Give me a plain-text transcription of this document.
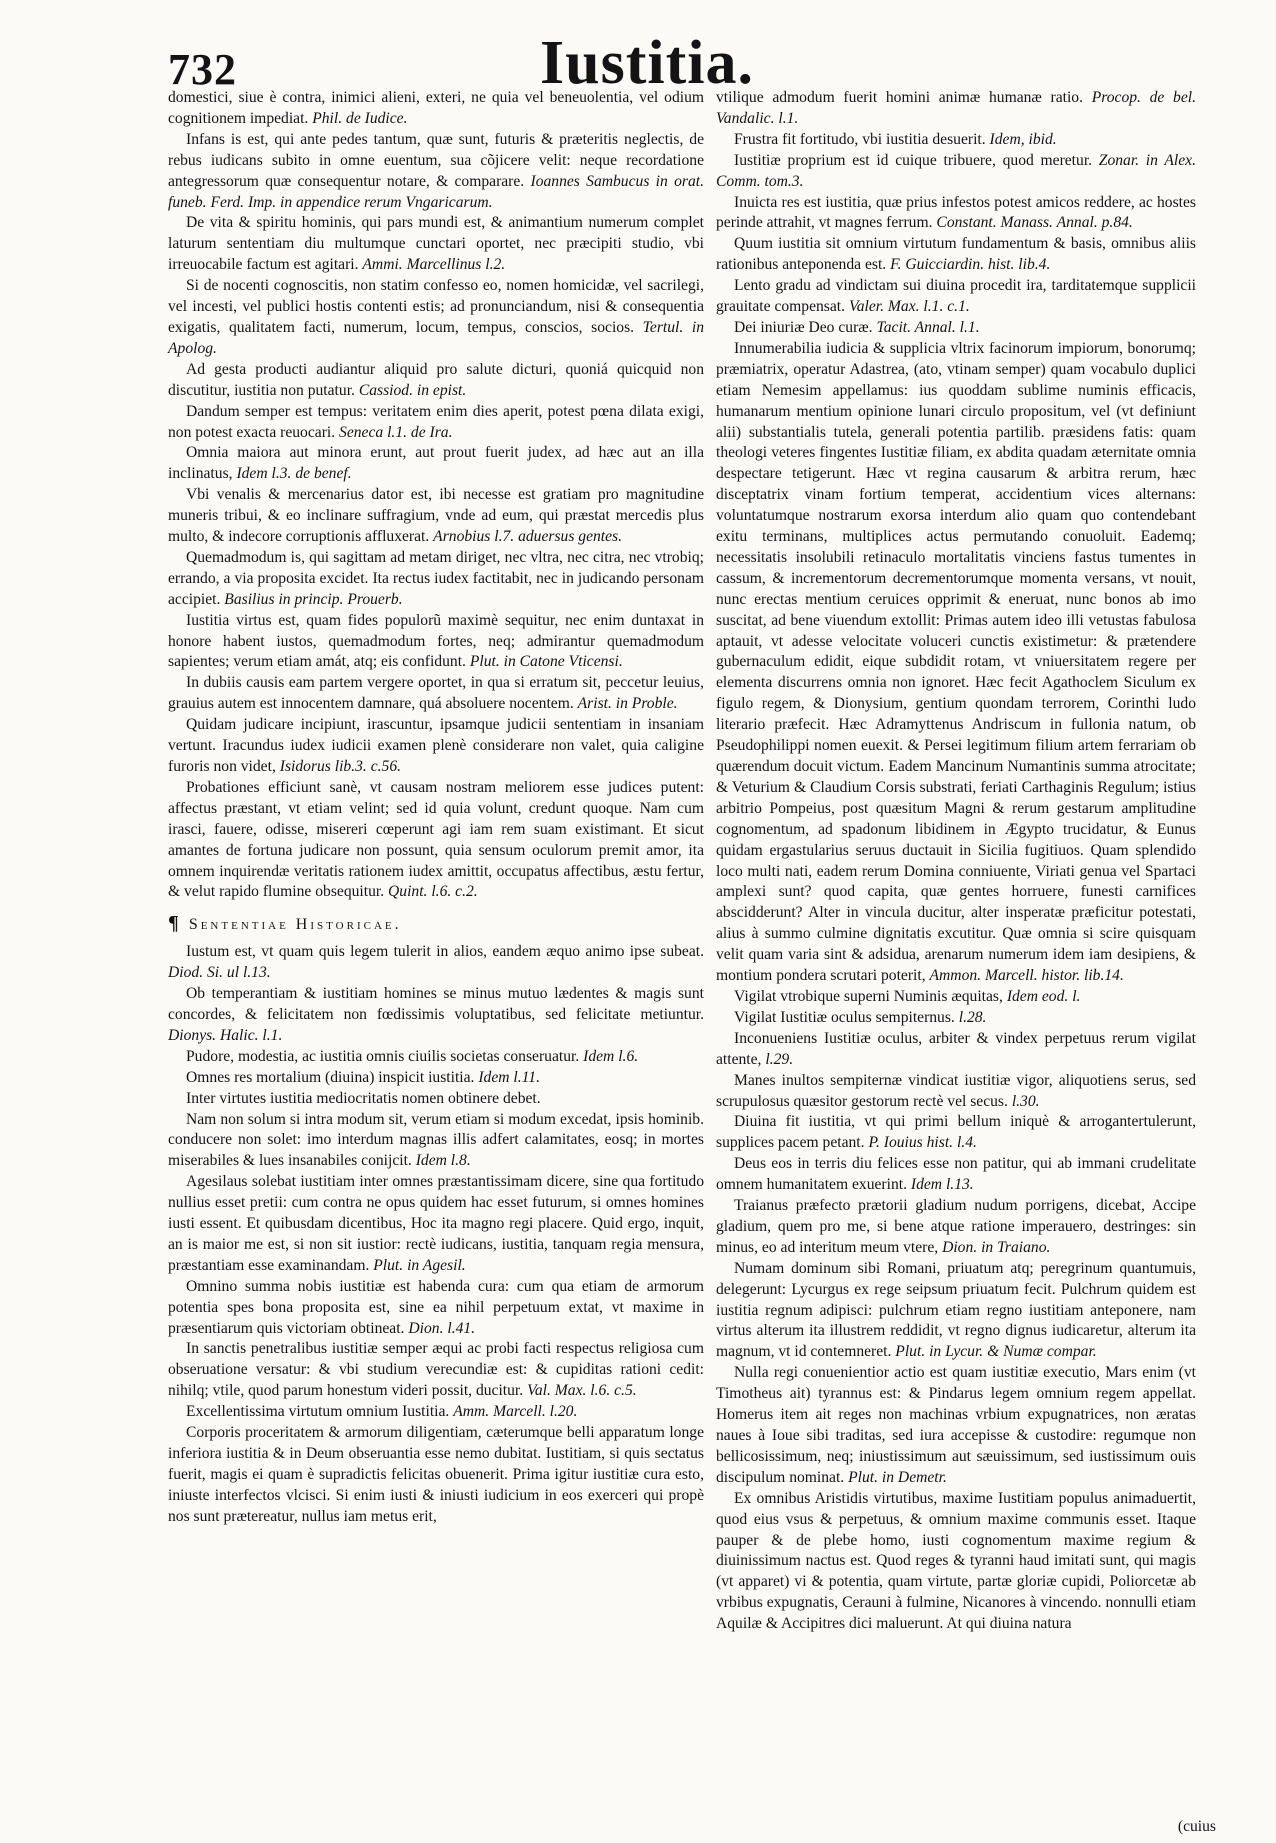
732	Iustitia.

domestici, siue è contra, inimici alieni, exteri, ne quia vel beneuolentia, vel odium cognitionem impediat. Phil. de Iudice.

Infans is est, qui ante pedes tantum, quæ sunt, futuris & præteritis neglectis, de rebus iudicans subito in omne euentum, sua cõjicere velit: neque recordatione antegressorum quæ consequentur notare, & comparare. Ioannes Sambucus in orat. funeb. Ferd. Imp. in appendice rerum Vngaricarum.

De vita & spiritu hominis, qui pars mundi est, & animantium numerum complet laturum sententiam diu multumque cunctari oportet, nec præcipiti studio, vbi irreuocabile factum est agitari. Ammi. Marcellinus l.2.

Si de nocenti cognoscitis, non statim confesso eo, nomen homicidæ, vel sacrilegi, vel incesti, vel publici hostis contenti estis; ad pronunciandum, nisi & consequentia exigatis, qualitatem facti, numerum, locum, tempus, conscios, socios. Tertul. in Apolog.

Ad gesta producti audiantur aliquid pro salute dicturi, quoniá quicquid non discutitur, iustitia non putatur. Cassiod. in epist.

Dandum semper est tempus: veritatem enim dies aperit, potest pœna dilata exigi, non potest exacta reuocari. Seneca l.1. de Ira.

Omnia maiora aut minora erunt, aut prout fuerit judex, ad hæc aut an illa inclinatus, Idem l.3. de benef.

Vbi venalis & mercenarius dator est, ibi necesse est gratiam pro magnitudine muneris tribui, & eo inclinare suffragium, vnde ad eum, qui præstat mercedis plus multo, & indecore corruptionis affluxerat. Arnobius l.7. aduersus gentes.

Quemadmodum is, qui sagittam ad metam diriget, nec vltra, nec citra, nec vtrobiq; errando, a via proposita excidet. Ita rectus iudex factitabit, nec in judicando personam accipiet. Basilius in princip. Prouerb.

Iustitia virtus est, quam fides populorũ maximè sequitur, nec enim duntaxat in honore habent iustos, quemadmodum fortes, neq; admirantur quemadmodum sapientes; verum etiam amát, atq; eis confidunt. Plut. in Catone Vticensi.

In dubiis causis eam partem vergere oportet, in qua si erratum sit, peccetur leuius, grauius autem est innocentem damnare, quá absoluere nocentem. Arist. in Proble.

Quidam judicare incipiunt, irascuntur, ipsamque judicii sententiam in insaniam vertunt. Iracundus iudex iudicii examen plenè considerare non valet, quia caligine furoris non videt, Isidorus lib.3. c.56.

Probationes efficiunt sanè, vt causam nostram meliorem esse judices putent: affectus præstant, vt etiam velint; sed id quia volunt, credunt quoque. Nam cum irasci, fauere, odisse, misereri cœperunt agi iam rem suam existimant. Et sicut amantes de fortuna judicare non possunt, quia sensum oculorum premit amor, ita omnem inquirendæ veritatis rationem iudex amittit, occupatus affectibus, æstu fertur, & velut rapido flumine obsequitur. Quint. l.6. c.2.

¶ Sententiae Historicae.

Iustum est, vt quam quis legem tulerit in alios, eandem æquo animo ipse subeat. Diod. Si. ul l.13.

Ob temperantiam & iustitiam homines se minus mutuo lædentes & magis sunt concordes, & felicitatem non fœdissimis voluptatibus, sed felicitate metiuntur. Dionys. Halic. l.1.

Pudore, modestia, ac iustitia omnis ciuilis societas conseruatur. Idem l.6.

Omnes res mortalium (diuina) inspicit iustitia. Idem l.11.

Inter virtutes iustitia mediocritatis nomen obtinere debet.

Nam non solum si intra modum sit, verum etiam si modum excedat, ipsis hominib. conducere non solet: imo interdum magnas illis adfert calamitates, eosq; in mortes miserabiles & lues insanabiles conijcit. Idem l.8.

Agesilaus solebat iustitiam inter omnes præstantissimam dicere, sine qua fortitudo nullius esset pretii: cum contra ne opus quidem hac esset futurum, si omnes homines iusti essent. Et quibusdam dicentibus, Hoc ita magno regi placere. Quid ergo, inquit, an is maior me est, si non sit iustior: rectè iudicans, iustitia, tanquam regia mensura, præstantiam esse examinandam. Plut. in Agesil.

Omnino summa nobis iustitiæ est habenda cura: cum qua etiam de armorum potentia spes bona proposita est, sine ea nihil perpetuum extat, vt maxime in præsentiarum quis victoriam obtineat. Dion. l.41.

In sanctis penetralibus iustitiæ semper æqui ac probi facti respectus religiosa cum obseruatione versatur: & vbi studium verecundiæ est: & cupiditas rationi cedit: nihilq; vtile, quod parum honestum videri possit, ducitur. Val. Max. l.6. c.5.

Excellentissima virtutum omnium Iustitia. Amm. Marcell. l.20.

Corporis proceritatem & armorum diligentiam, cæterumque belli apparatum longe inferiora iustitia & in Deum obseruantia esse nemo dubitat. Iustitiam, si quis sectatus fuerit, magis ei quam è supradictis felicitas obuenerit. Prima igitur iustitiæ cura esto, iniuste interfectos vlcisci. Si enim iusti & iniusti iudicium in eos exerceri qui propè nos sunt prætereatur, nullus iam metus erit,

vtilique admodum fuerit homini animæ humanæ ratio. Procop. de bel. Vandalic. l.1.

Frustra fit fortitudo, vbi iustitia desuerit. Idem, ibid.

Iustitiæ proprium est id cuique tribuere, quod meretur. Zonar. in Alex. Comm. tom.3.

Inuicta res est iustitia, quæ prius infestos potest amicos reddere, ac hostes perinde attrahit, vt magnes ferrum. Constant. Manass. Annal. p.84.

Quum iustitia sit omnium virtutum fundamentum & basis, omnibus aliis rationibus anteponenda est. F. Guicciardin. hist. lib.4.

Lento gradu ad vindictam sui diuina procedit ira, tarditatemque supplicii grauitate compensat. Valer. Max. l.1. c.1.

Dei iniuriæ Deo curæ. Tacit. Annal. l.1.

Innumerabilia iudicia & supplicia vltrix facinorum impiorum, bonorumq; præmiatrix, operatur Adastrea, (ato, vtinam semper) quam vocabulo duplici etiam Nemesim appellamus: ius quoddam sublime numinis efficacis, humanarum mentium opinione lunari circulo propositum, vel (vt definiunt alii) substantialis tutela, generali potentia partilib. præsidens fatis: quam theologi veteres fingentes Iustitiæ filiam, ex abdita quadam æternitate omnia despectare tetigerunt. Hæc vt regina causarum & arbitra rerum, hæc disceptatrix vinam fortium temperat, accidentium vices alternans: voluntatumque nostrarum exorsa interdum alio quam quo contendebant exitu terminans, multiplices actus permutando conuoluit. Eademq; necessitatis insolubili retinaculo mortalitatis vinciens fastus tumentes in cassum, & incrementorum decrementorumque momenta versans, vt nouit, nunc erectas mentium ceruices opprimit & eneruat, nunc bonos ab imo suscitat, ad bene viuendum extollit: Primas autem ideo illi vetustas fabulosa aptauit, vt adesse velocitate voluceri cunctis existimetur: & prætendere gubernaculum edidit, eique subdidit rotam, vt vniuersitatem regere per elementa discurrens omnia non ignoret. Hæc fecit Agathoclem Siculum ex figulo regem, & Dionysium, gentium quondam terrorem, Corinthi ludo literario præfecit. Hæc Adramyttenus Andriscum in fullonia natum, ob Pseudophilippi nomen euexit. & Persei legitimum filium artem ferrariam ob quærendum docuit victum. Eadem Mancinum Numantinis summa atrocitate; & Veturium & Claudium Corsis substrati, feriati Carthaginis Regulum; istius arbitrio Pompeius, post quæsitum Magni & rerum gestarum amplitudine cognomentum, ad spadonum libidinem in Ægypto trucidatur, & Eunus quidam ergastularius seruus ductauit in Sicilia fugitiuos. Quam splendido loco multi nati, eadem rerum Domina conniuente, Viriati genua vel Spartaci amplexi sunt? quod capita, quæ gentes horruere, funesti carnifices abscidderunt? Alter in vincula ducitur, alter insperatæ præficitur potestati, alius à summo culmine dignitatis excutitur. Quæ omnia si scire quisquam velit quam varia sint & adsidua, arenarum numerum idem iam desipiens, & montium pondera scrutari poterit, Ammon. Marcell. histor. lib.14.

Vigilat vtrobique superni Numinis æquitas, Idem eod. l.

Vigilat Iustitiæ oculus sempiternus. l.28.

Inconueniens Iustitiæ oculus, arbiter & vindex perpetuus rerum vigilat attente, l.29.

Manes inultos sempiternæ vindicat iustitiæ vigor, aliquotiens serus, sed scrupulosus quæsitor gestorum rectè vel secus. l.30.

Diuina fit iustitia, vt qui primi bellum iniquè & arrogantertulerunt, supplices pacem petant. P. Iouius hist. l.4.

Deus eos in terris diu felices esse non patitur, qui ab immani crudelitate omnem humanitatem exuerint. Idem l.13.

Traianus præfecto prætorii gladium nudum porrigens, dicebat, Accipe gladium, quem pro me, si bene atque ratione imperauero, destringes: sin minus, eo ad interitum meum vtere, Dion. in Traiano.

Numam dominum sibi Romani, priuatum atq; peregrinum quantumuis, delegerunt: Lycurgus ex rege seipsum priuatum fecit. Pulchrum quidem est iustitia regnum adipisci: pulchrum etiam regno iustitiam anteponere, nam virtus alterum ita illustrem reddidit, vt regno dignus iudicaretur, alterum ita magnum, vt id contemneret. Plut. in Lycur. & Numæ compar.

Nulla regi conuenientior actio est quam iustitiæ executio, Mars enim (vt Timotheus ait) tyrannus est: & Pindarus legem omnium regem appellat. Homerus item ait reges non machinas vrbium expugnatrices, non æratas naues à Ioue sibi traditas, sed iura accepisse & custodire: regumque non bellicosissimum, neq; iniustissimum aut sæuissimum, sed iustissimum ouis discipulum nominat. Plut. in Demetr.

Ex omnibus Aristidis virtutibus, maxime Iustitiam populus animaduertit, quod eius vsus & perpetuus, & omnium maxime communis esset. Itaque pauper & de plebe homo, iusti cognomentum maxime regium & diuinissimum nactus est. Quod reges & tyranni haud imitati sunt, qui magis (vt apparet) vi & potentia, quam virtute, partæ gloriæ cupidi, Poliorcetæ ab vrbibus expugnatis, Cerauni à fulmine, Nicanores à vincendo. nonnulli etiam Aquilæ & Accipitres dici maluerunt. At qui diuina natura

(cuius
